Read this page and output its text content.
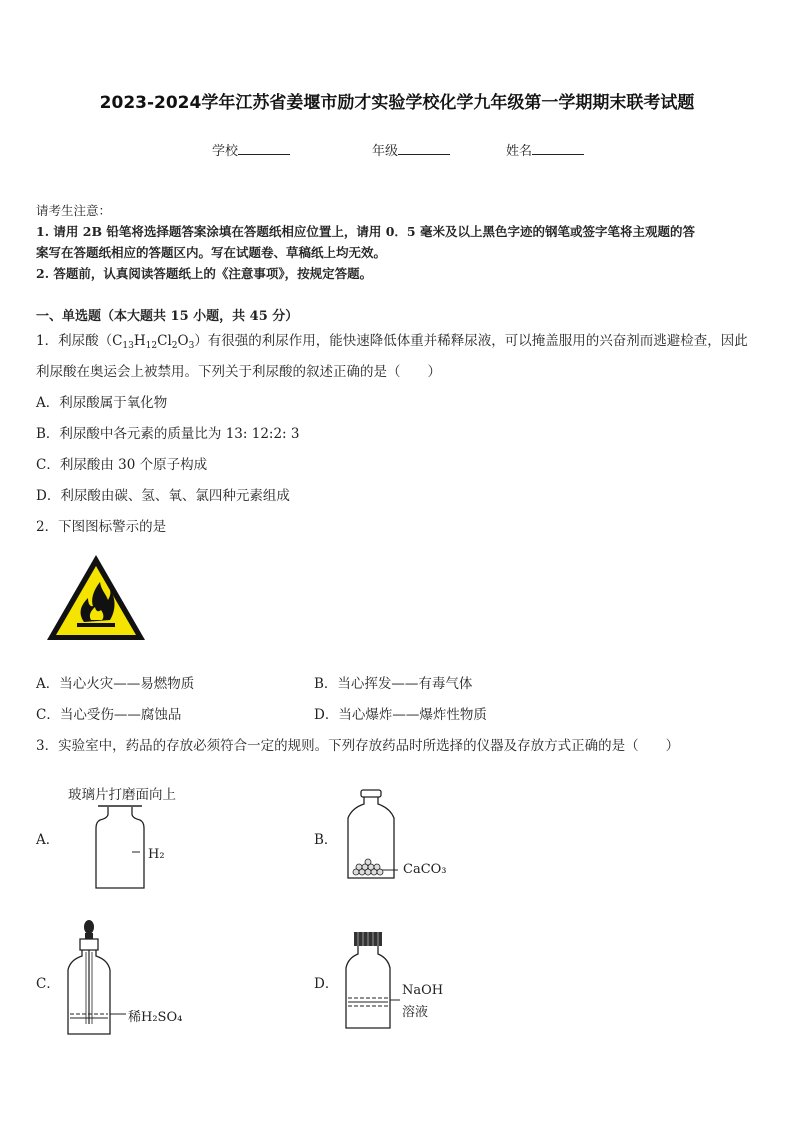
2023-2024学年江苏省姜堰市励才实验学校化学九年级第一学期期末联考试题
学校	年级	姓名
请考生注意：
1. 请用 2B 铅笔将选择题答案涂填在答题纸相应位置上，请用 0．5 毫米及以上黑色字迹的钢笔或签字笔将主观题的答
案写在答题纸相应的答题区内。写在试题卷、草稿纸上均无效。
2. 答题前，认真阅读答题纸上的《注意事项》，按规定答题。
一、单选题（本大题共 15 小题，共 45 分）
1．利尿酸$(C_{13}H_{12}Cl_2O_3)$有很强的利尿作用，能快速降低体重并稀释尿液，可以掩盖服用的兴奋剂而逃避检查，因此
利尿酸在奥运会上被禁用。下列关于利尿酸的叙述正确的是（　　）
A．利尿酸属于氧化物
B．利尿酸中各元素的质量比为 13: 12:2: 3
C．利尿酸由 30 个原子构成
D．利尿酸由碳、氢、氧、氯四种元素组成
2．下图图标警示的是
A．当心火灾——易燃物质	B．当心挥发——有毒气体
C．当心受伤——腐蚀品	D．当心爆炸——爆炸性物质
3．实验室中，药品的存放必须符合一定的规则。下列存放药品时所选择的仪器及存放方式正确的是（　　）
玻璃片打磨面向上
A．
H₂
B．
CaCO₃
C．
稀H₂SO₄
D．	NaOH
溶液
